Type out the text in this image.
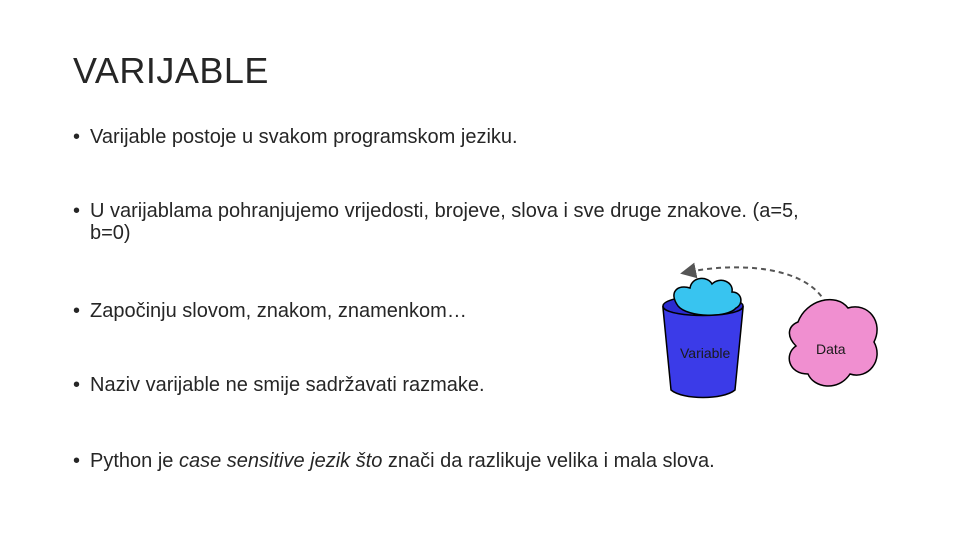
VARIJABLE
• Varijable postoje u svakom programskom jeziku.
• U varijablama pohranjujemo vrijedosti, brojeve, slova i sve druge znakove. (a=5, b=0)
• Započinju slovom, znakom, znamenkom…
• Naziv varijable ne smije sadržavati razmake.
• Python je case sensitive jezik što znači da razlikuje velika i mala slova.
Variable	Data
